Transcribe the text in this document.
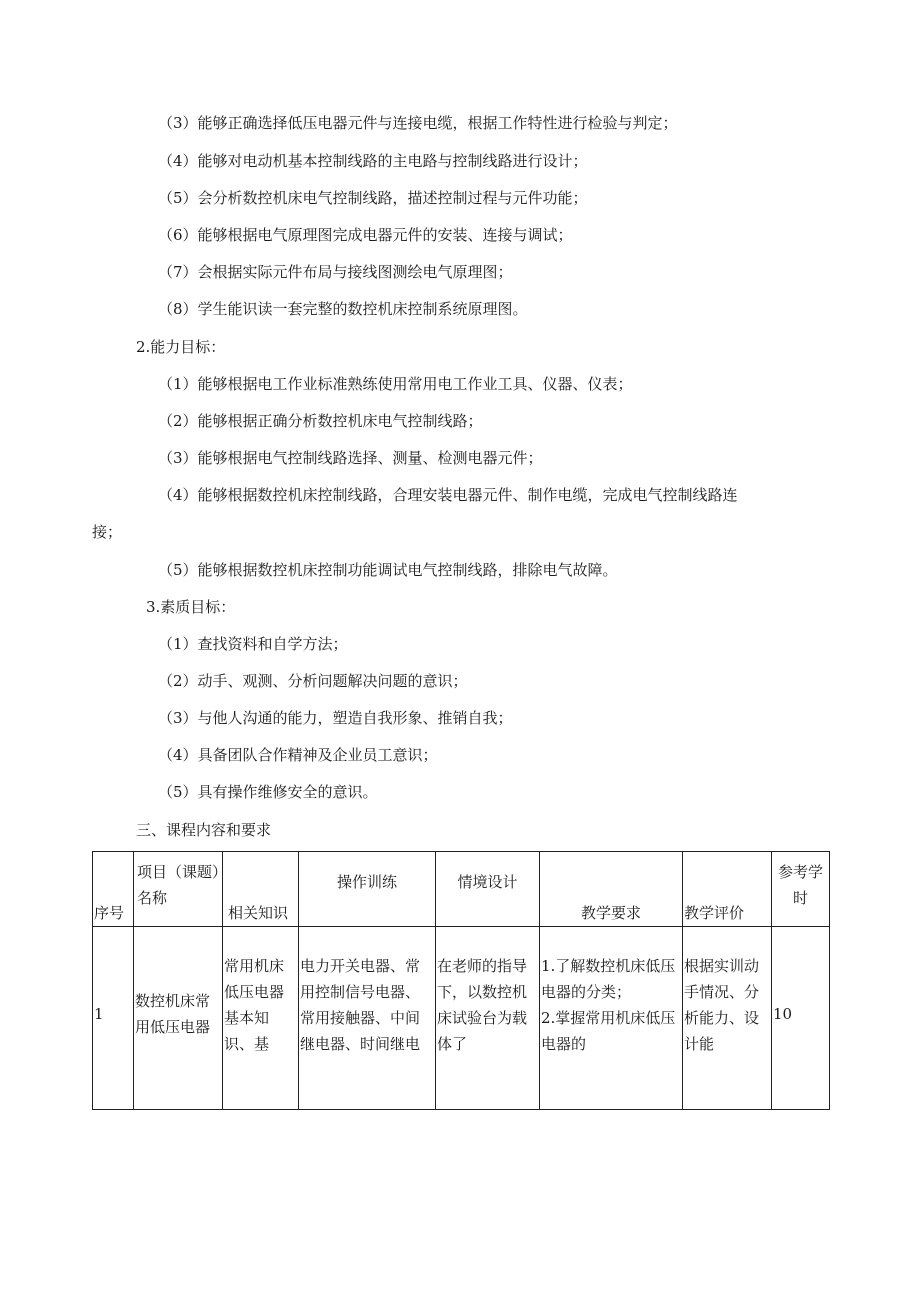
（3）能够正确选择低压电器元件与连接电缆，根据工作特性进行检验与判定；
（4）能够对电动机基本控制线路的主电路与控制线路进行设计；
（5）会分析数控机床电气控制线路，描述控制过程与元件功能；
（6）能够根据电气原理图完成电器元件的安装、连接与调试；
（7）会根据实际元件布局与接线图测绘电气原理图；
（8）学生能识读一套完整的数控机床控制系统原理图。
2.能力目标：
（1）能够根据电工作业标准熟练使用常用电工作业工具、仪器、仪表；
（2）能够根据正确分析数控机床电气控制线路；
（3）能够根据电气控制线路选择、测量、检测电器元件；
（4）能够根据数控机床控制线路，合理安装电器元件、制作电缆，完成电气控制线路连
接；
（5）能够根据数控机床控制功能调试电气控制线路，排除电气故障。
3.素质目标：
（1）查找资料和自学方法；
（2）动手、观测、分析问题解决问题的意识；
（3）与他人沟通的能力，塑造自我形象、推销自我；
（4）具备团队合作精神及企业员工意识；
（5）具有操作维修安全的意识。
三、课程内容和要求
序号	项目（课题）名称	相关知识	操作训练	情境设计	教学要求	教学评价	参考学时

1	数控机床常用低压电器	常用机床低压电器基本知识、基	电力开关电器、常用控制信号电器、常用接触器、中间继电器、时间继电	在老师的指导下，以数控机床试验台为载体了	1.了解数控机床低压电器的分类；
2.掌握常用机床低压电器的	根据实训动手情况、分析能力、设计能	10
